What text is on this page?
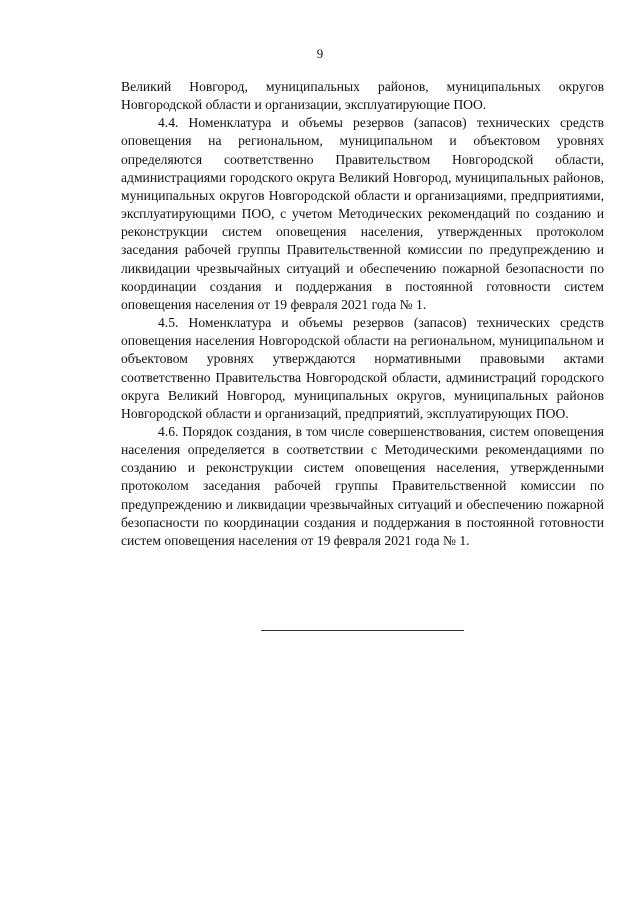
9

Великий Новгород, муниципальных районов, муниципальных округов Новгородской области и организации, эксплуатирующие ПОО.

4.4. Номенклатура и объемы резервов (запасов) технических средств оповещения на региональном, муниципальном и объектовом уровнях определяются соответственно Правительством Новгородской области, администрациями городского округа Великий Новгород, муниципальных районов, муниципальных округов Новгородской области и организациями, предприятиями, эксплуатирующими ПОО, с учетом Методических рекомендаций по созданию и реконструкции систем оповещения населения, утвержденных протоколом заседания рабочей группы Правительственной комиссии по предупреждению и ликвидации чрезвычайных ситуаций и обеспечению пожарной безопасности по координации создания и поддержания в постоянной готовности систем оповещения населения от 19 февраля 2021 года № 1.

4.5. Номенклатура и объемы резервов (запасов) технических средств оповещения населения Новгородской области на региональном, муниципальном и объектовом уровнях утверждаются нормативными правовыми актами соответственно Правительства Новгородской области, администраций городского округа Великий Новгород, муниципальных округов, муниципальных районов Новгородской области и организаций, предприятий, эксплуатирующих ПОО.

4.6. Порядок создания, в том числе совершенствования, систем оповещения населения определяется в соответствии с Методическими рекомендациями по созданию и реконструкции систем оповещения населения, утвержденными протоколом заседания рабочей группы Правительственной комиссии по предупреждению и ликвидации чрезвычайных ситуаций и обеспечению пожарной безопасности по координации создания и поддержания в постоянной готовности систем оповещения населения от 19 февраля 2021 года № 1.
